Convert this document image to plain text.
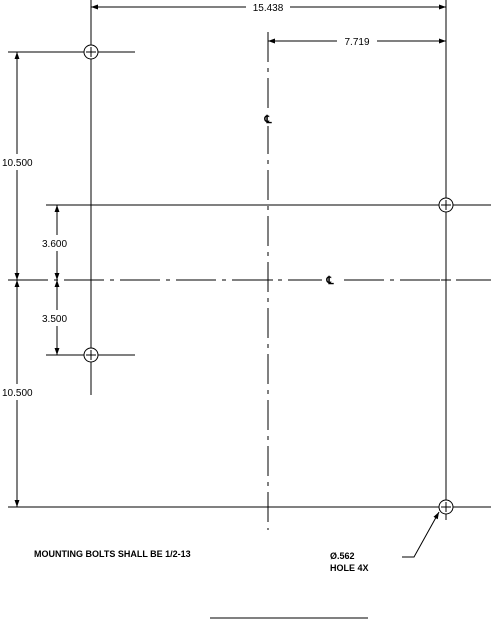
15.438
7.719
10.500
3.600
3.500
10.500
℄
℄
MOUNTING BOLTS SHALL BE 1/2-13	Ø.562
HOLE 4X
